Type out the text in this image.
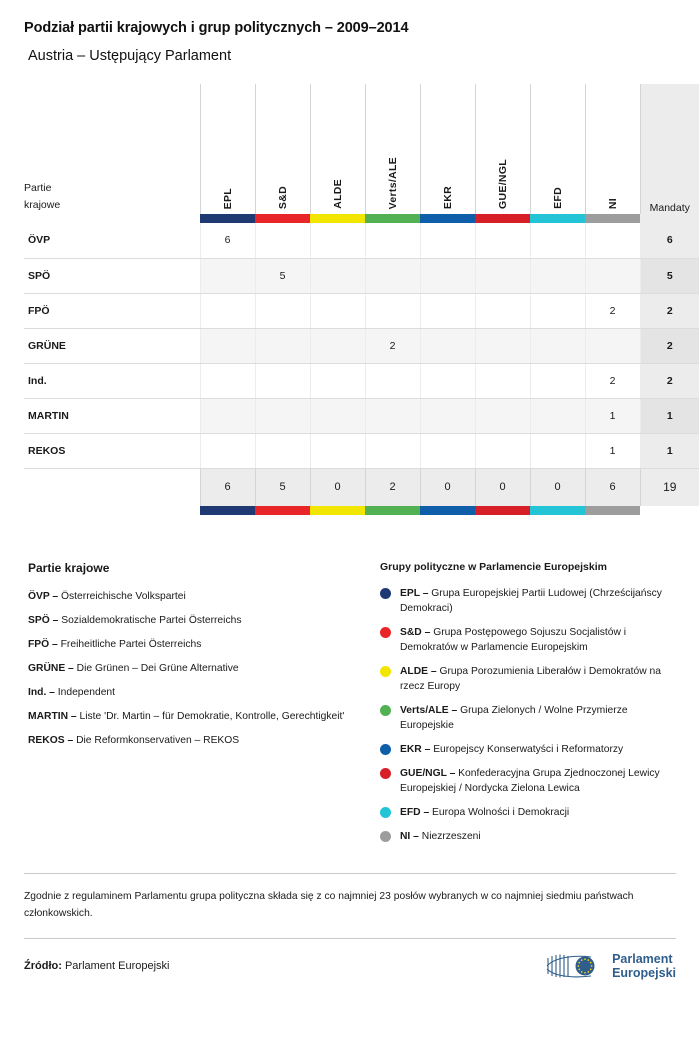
Podział partii krajowych i grup politycznych – 2009–2014
Austria – Ustępujący Parlament
Partie
krajowe	EPL	S&D	ALDE	Verts/ALE	EKR	GUE/NGL	EFD	NI	Mandaty

ÖVP	6								6
SPÖ		5							5
FPÖ								2	2
GRÜNE				2					2
Ind.								2	2
MARTIN								1	1
REKOS								1	1
	6	5	0	2	0	0	0	6	19

Partie krajowe
ÖVP – Österreichische Volkspartei
SPÖ – Sozialdemokratische Partei Österreichs
FPÖ – Freiheitliche Partei Österreichs
GRÜNE – Die Grünen – Dei Grüne Alternative
Ind. – Independent
MARTIN – Liste 'Dr. Martin – für Demokratie, Kontrolle, Gerechtigkeit'
REKOS – Die Reformkonservativen – REKOS
Grupy polityczne w Parlamencie Europejskim
EPL – Grupa Europejskiej Partii Ludowej (Chrześcijańscy Demokraci)
S&D – Grupa Postępowego Sojuszu Socjalistów i Demokratów w Parlamencie Europejskim
ALDE – Grupa Porozumienia Liberałów i Demokratów na rzecz Europy
Verts/ALE – Grupa Zielonych / Wolne Przymierze Europejskie
EKR – Europejscy Konserwatyści i Reformatorzy
GUE/NGL – Konfederacyjna Grupa Zjednoczonej Lewicy Europejskiej / Nordycka Zielona Lewica
EFD – Europa Wolności i Demokracji
NI – Niezrzeszeni
Zgodnie z regulaminem Parlamentu grupa polityczna składa się z co najmniej 23 posłów wybranych w co najmniej siedmiu państwach członkowskich.
Źródło: Parlament Europejski	Parlament
Europejski
